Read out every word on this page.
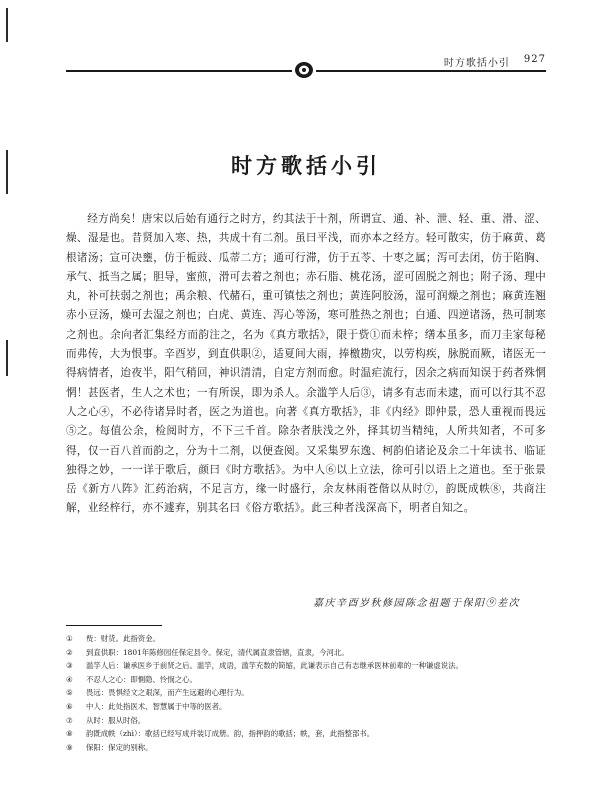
时方歌括小引 927
时方歌括小引

经方尚矣！唐宋以后始有通行之时方，约其法于十剂，所谓宣、通、补、泄、轻、重、滑、涩、燥、湿是也。昔贤加入寒、热，共成十有二剂。虽曰平浅，而亦本之经方。轻可散实，仿于麻黄、葛根诸汤；宣可决壅，仿于栀豉、瓜蒂二方；通可行滞，仿于五苓、十枣之属；泻可去闭，仿于陷胸、承气、抵当之属；胆导，蜜煎，滑可去着之剂也；赤石脂、桃花汤，涩可固脱之剂也；附子汤、理中丸，补可扶弱之剂也；禹余粮、代赭石，重可镇怯之剂也；黄连阿胶汤，湿可润燥之剂也；麻黄连翘赤小豆汤，燥可去湿之剂也；白虎、黄连、泻心等汤，寒可胜热之剂也；白通、四逆诸汤，热可制寒之剂也。余向者汇集经方而韵注之，名为《真方歌括》，限于赀①而未梓；缮本虽多，而刀圭家每秘而弗传，大为恨事。辛酉岁，到直供职②，适夏间大雨，捧檄勘灾，以劳构疾，脉脱而厥，诸医无一得病情者，迨夜半，阳气稍回，神识清清，自定方剂而愈。时温疟流行，因余之病而知误于药者殊惘惘！甚医者，生人之术也；一有所误，即为杀人。余滥竽人后③，请多有志而未逮，而可以行其不忍人之心④，不必待诸异时者，医之为道也。向著《真方歌括》，非《内经》即仲景，恐人重视而畏远⑤之。每值公余，检阅时方，不下三千首。除杂者肤浅之外，择其切当精纯，人所共知者，不可多得，仅一百八首而韵之，分为十二剂，以便查阅。又采集罗东逸、柯韵伯诸论及余二十年读书、临证独得之妙，一一详于歌后，颜曰《时方歌括》。为中人⑥以上立法，徐可引以语上之道也。至于张景岳《新方八阵》汇药治病，不足言方，缘一时盛行，余友林雨苍偕以从时⑦，韵既成帙⑧，共商注解，业经梓行，亦不遽弃，别其名曰《俗方歌括》。此三种者浅深高下，明者自知之。

嘉庆辛酉岁秋修园陈念祖题于保阳⑨差次
①	赀：财货。此指资金。
②	到直供职：1801年陈修园任保定县令。保定，清代属直隶管辖，直隶，今河北。
③	滥竽人后：谦承医乡于前贤之后。滥竽，成语，滥竽充数的简缩，此谦表示自己有志继承医林前辈的一种谦虚说法。
④	不忍人之心：即惻隐、怜悯之心。
⑤	畏远：畏惧经文之艰深，而产生远避的心理行为。
⑥	中人：此处指医术、智慧属于中等的医者。
⑦	从时：服从时俗。
⑧	韵既成帙（zhì）：歌括已经写成并装订成册。韵，指押韵的歌括；帙，套，此指整部书。
⑨	保阳：保定的别称。
